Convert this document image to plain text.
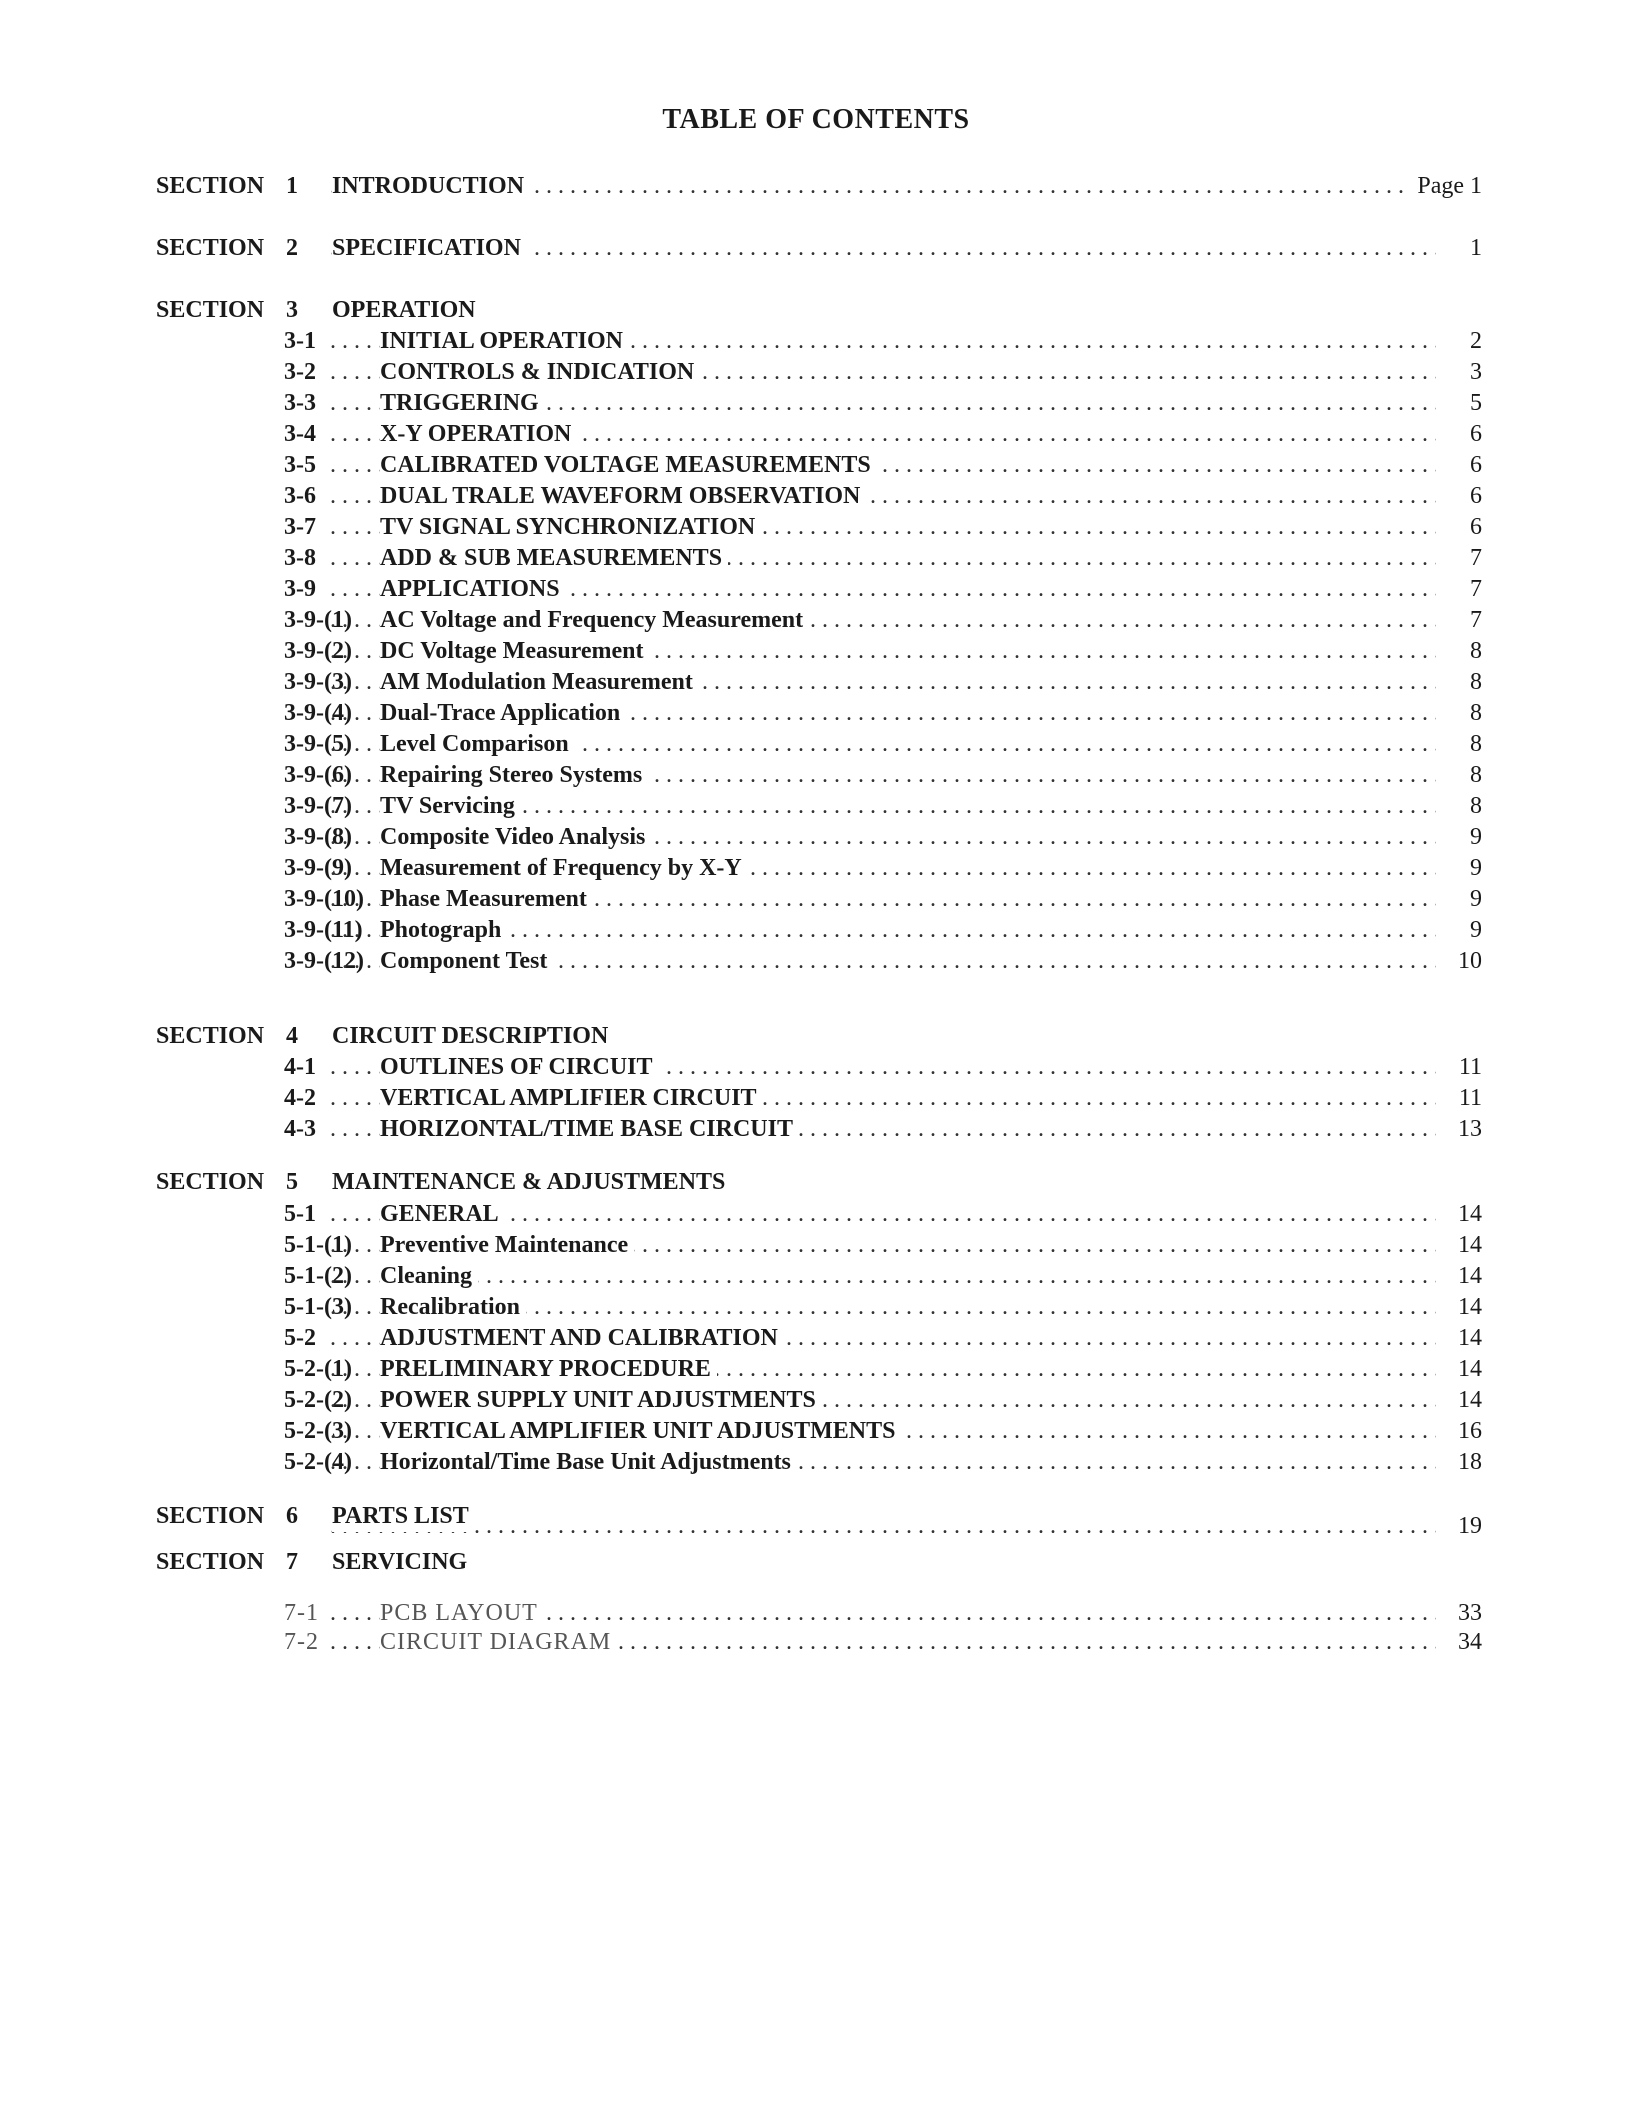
TABLE OF CONTENTS
SECTION 1 INTRODUCTION . . .	Page 1
SECTION 2 SPECIFICATION . . .	1
SECTION 3 OPERATION
3-1	INITIAL OPERATION . . .	2
3-2	CONTROLS & INDICATION . . .	3
3-3	TRIGGERING . . .	5
3-4	X-Y OPERATION . . .	6
3-5	CALIBRATED VOLTAGE MEASUREMENTS . . .	6
3-6	DUAL TRALE WAVEFORM OBSERVATION . . .	6
3-7	TV SIGNAL SYNCHRONIZATION . . .	6
3-8	ADD & SUB MEASUREMENTS . . .	7
3-9	APPLICATIONS . . .	7
3-9-(1) AC Voltage and Frequency Measurement . . .	7
3-9-(2) DC Voltage Measurement . . .	8
3-9-(3) AM Modulation Measurement . . .	8
3-9-(4) Dual-Trace Application . . .	8
3-9-(5) Level Comparison . . .	8
3-9-(6) Repairing Stereo Systems . . .	8
3-9-(7) TV Servicing . . .	8
3-9-(8) Composite Video Analysis . . .	9
3-9-(9) Measurement of Frequency by X-Y . . .	9
3-9-(10) Phase Measurement . . .	9
3-9-(11) Photograph . . .	9
3-9-(12) Component Test . . .	10
SECTION 4 CIRCUIT DESCRIPTION
4-1	OUTLINES OF CIRCUIT . . .	11
4-2	VERTICAL AMPLIFIER CIRCUIT . . .	11
4-3	HORIZONTAL/TIME BASE CIRCUIT . . .	13
SECTION 5 MAINTENANCE & ADJUSTMENTS
5-1	GENERAL . . .	14
5-1-(1) Preventive Maintenance . . .	14
5-1-(2) Cleaning . . .	14
5-1-(3) Recalibration . . .	14
5-2	ADJUSTMENT AND CALIBRATION . . .	14
5-2-(1) PRELIMINARY PROCEDURE . . .	14
5-2-(2) POWER SUPPLY UNIT ADJUSTMENTS . . .	14
5-2-(3) VERTICAL AMPLIFIER UNIT ADJUSTMENTS . . .	16
5-2-(4) Horizontal/Time Base Unit Adjustments . . .	18
SECTION 6 PARTS LIST . . .	19
SECTION 7 SERVICING
7-1	PCB LAYOUT . . .	33
7-2	CIRCUIT DIAGRAM . . .	34
